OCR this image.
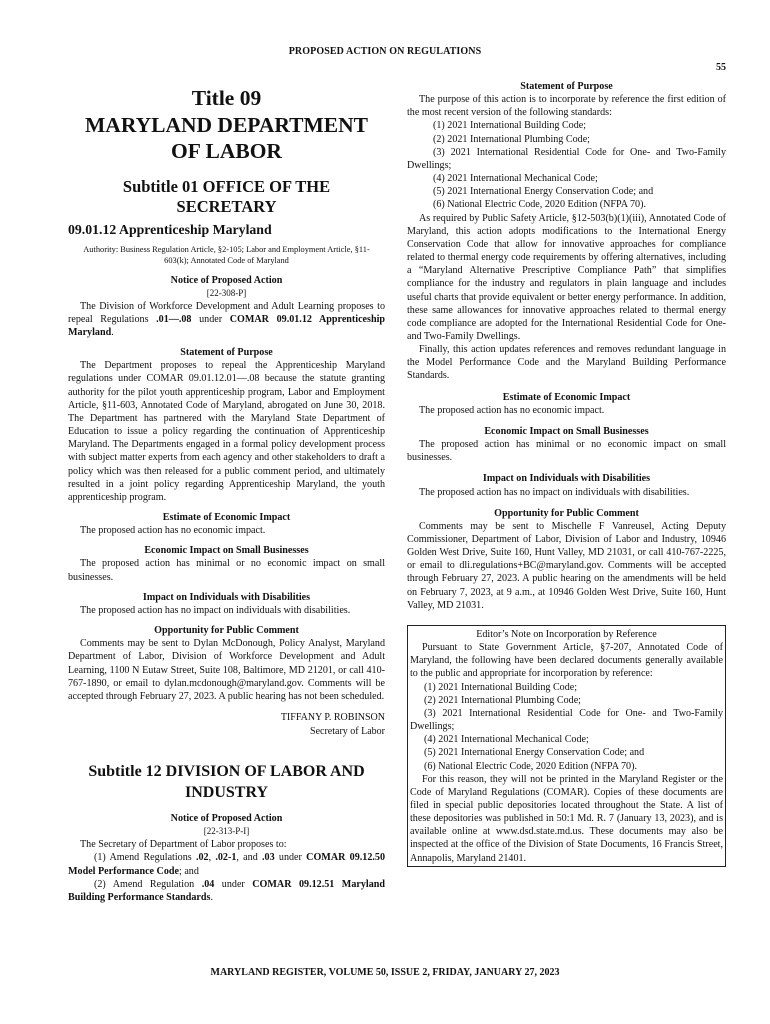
PROPOSED ACTION ON REGULATIONS
55
Title 09
MARYLAND DEPARTMENT
OF LABOR
Subtitle 01 OFFICE OF THE
SECRETARY
09.01.12 Apprenticeship Maryland
Authority: Business Regulation Article, §2-105; Labor and Employment Article, §11-603(k); Annotated Code of Maryland
Notice of Proposed Action
[22-308-P]

The Division of Workforce Development and Adult Learning proposes to repeal Regulations .01—.08 under COMAR 09.01.12 Apprenticeship Maryland.

Statement of Purpose

The Department proposes to repeal the Apprenticeship Maryland regulations under COMAR 09.01.12.01—.08 because the statute granting authority for the pilot youth apprenticeship program, Labor and Employment Article, §11-603, Annotated Code of Maryland, abrogated on June 30, 2018. The Department has partnered with the Maryland State Department of Education to issue a policy regarding the continuation of Apprenticeship Maryland. The Departments engaged in a formal policy development process with subject matter experts from each agency and other stakeholders to draft a policy which was then released for a public comment period, and ultimately resulted in a joint policy regarding Apprenticeship Maryland, the youth apprenticeship program.

Estimate of Economic Impact

The proposed action has no economic impact.

Economic Impact on Small Businesses

The proposed action has minimal or no economic impact on small businesses.

Impact on Individuals with Disabilities

The proposed action has no impact on individuals with disabilities.

Opportunity for Public Comment

Comments may be sent to Dylan McDonough, Policy Analyst, Maryland Department of Labor, Division of Workforce Development and Adult Learning, 1100 N Eutaw Street, Suite 108, Baltimore, MD 21201, or call 410-767-1890, or email to dylan.mcdonough@maryland.gov. Comments will be accepted through February 27, 2023. A public hearing has not been scheduled.

TIFFANY P. ROBINSON
Secretary of Labor
Subtitle 12 DIVISION OF LABOR AND
INDUSTRY
Notice of Proposed Action
[22-313-P-I]

The Secretary of Department of Labor proposes to:

(1) Amend Regulations .02, .02-1, and .03 under COMAR 09.12.50 Model Performance Code; and

(2) Amend Regulation .04 under COMAR 09.12.51 Maryland Building Performance Standards.

Statement of Purpose

The purpose of this action is to incorporate by reference the first edition of the most recent version of the following standards:

(1) 2021 International Building Code;

(2) 2021 International Plumbing Code;

(3) 2021 International Residential Code for One- and Two-Family Dwellings;

(4) 2021 International Mechanical Code;

(5) 2021 International Energy Conservation Code; and

(6) National Electric Code, 2020 Edition (NFPA 70).

As required by Public Safety Article, §12-503(b)(1)(iii), Annotated Code of Maryland, this action adopts modifications to the International Energy Conservation Code that allow for innovative approaches for compliance related to thermal energy code requirements by offering alternatives, including a “Maryland Alternative Prescriptive Compliance Path” that simplifies compliance for the industry and regulators in plain language and includes useful charts that provide equivalent or better energy performance. In addition, these same allowances for innovative approaches related to thermal energy code compliance are adopted for the International Residential Code for One- and Two-Family Dwellings.

Finally, this action updates references and removes redundant language in the Model Performance Code and the Maryland Building Performance Standards.

Estimate of Economic Impact

The proposed action has no economic impact.

Economic Impact on Small Businesses

The proposed action has minimal or no economic impact on small businesses.

Impact on Individuals with Disabilities

The proposed action has no impact on individuals with disabilities.

Opportunity for Public Comment

Comments may be sent to Mischelle F Vanreusel, Acting Deputy Commissioner, Department of Labor, Division of Labor and Industry, 10946 Golden West Drive, Suite 160, Hunt Valley, MD 21031, or call 410-767-2225, or email to dli.regulations+BC@maryland.gov. Comments will be accepted through February 27, 2023. A public hearing on the amendments will be held on February 7, 2023, at 9 a.m., at 10946 Golden West Drive, Suite 160, Hunt Valley, MD 21031.

Editor’s Note on Incorporation by Reference

Pursuant to State Government Article, §7-207, Annotated Code of Maryland, the following have been declared documents generally available to the public and appropriate for incorporation by reference:

(1) 2021 International Building Code;

(2) 2021 International Plumbing Code;

(3) 2021 International Residential Code for One- and Two-Family Dwellings;

(4) 2021 International Mechanical Code;

(5) 2021 International Energy Conservation Code; and

(6) National Electric Code, 2020 Edition (NFPA 70).

For this reason, they will not be printed in the Maryland Register or the Code of Maryland Regulations (COMAR). Copies of these documents are filed in special public depositories located throughout the State. A list of these depositories was published in 50:1 Md. R. 7 (January 13, 2023), and is available online at www.dsd.state.md.us. These documents may also be inspected at the office of the Division of State Documents, 16 Francis Street, Annapolis, Maryland 21401.

MARYLAND REGISTER, VOLUME 50, ISSUE 2, FRIDAY, JANUARY 27, 2023
